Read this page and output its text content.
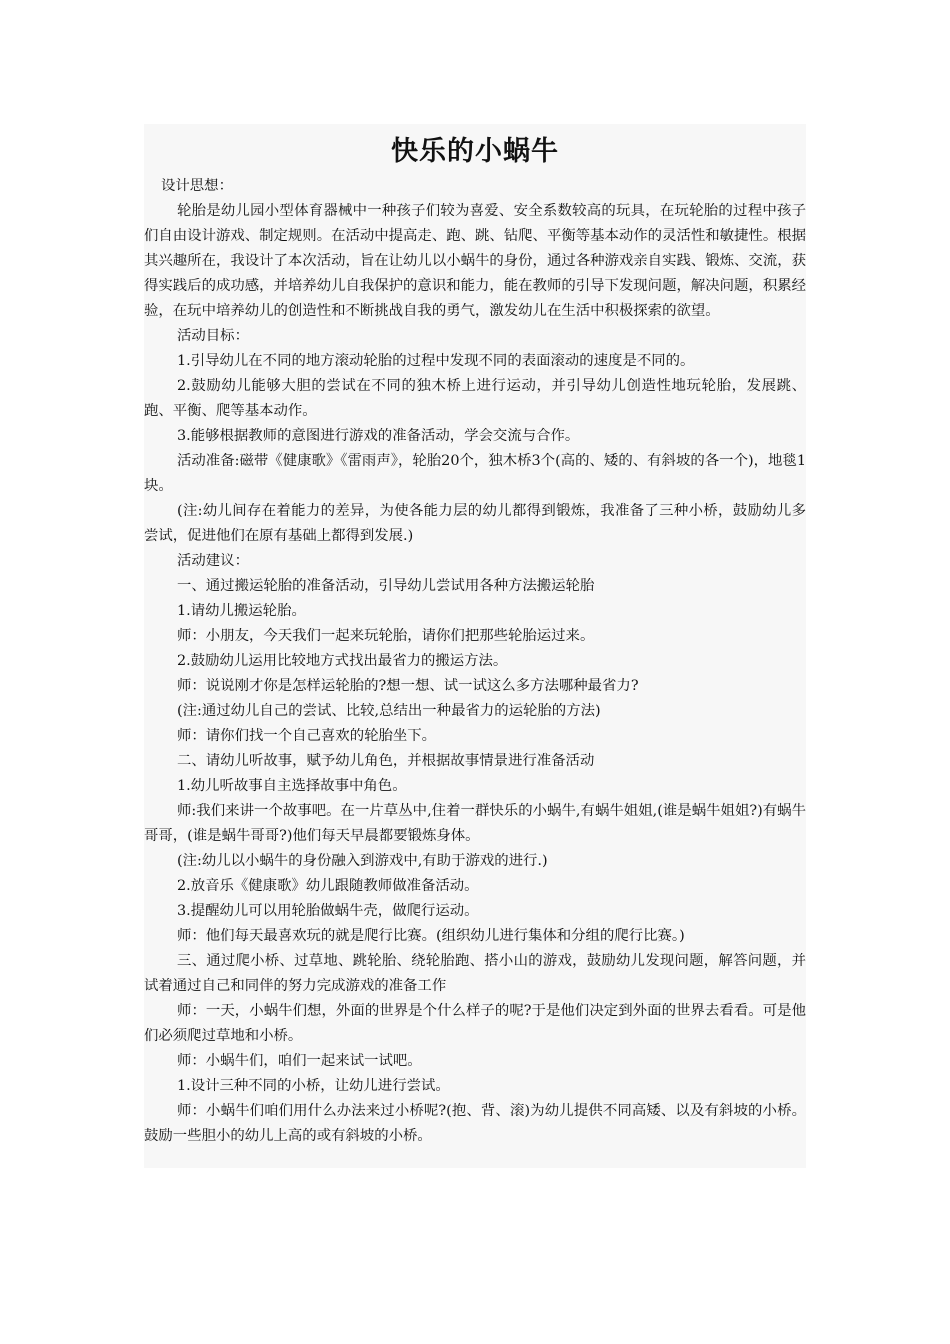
快乐的小蜗牛

设计思想：

轮胎是幼儿园小型体育器械中一种孩子们较为喜爱、安全系数较高的玩具，在玩轮胎的过程中孩子们自由设计游戏、制定规则。在活动中提高走、跑、跳、钻爬、平衡等基本动作的灵活性和敏捷性。根据其兴趣所在，我设计了本次活动，旨在让幼儿以小蜗牛的身份，通过各种游戏亲自实践、锻炼、交流，获得实践后的成功感，并培养幼儿自我保护的意识和能力，能在教师的引导下发现问题，解决问题，积累经验，在玩中培养幼儿的创造性和不断挑战自我的勇气，激发幼儿在生活中积极探索的欲望。

活动目标：

1.引导幼儿在不同的地方滚动轮胎的过程中发现不同的表面滚动的速度是不同的。

2.鼓励幼儿能够大胆的尝试在不同的独木桥上进行运动，并引导幼儿创造性地玩轮胎，发展跳、跑、平衡、爬等基本动作。

3.能够根据教师的意图进行游戏的准备活动，学会交流与合作。

活动准备:磁带《健康歌》《雷雨声》，轮胎20个，独木桥3个(高的、矮的、有斜坡的各一个)，地毯1块。

(注:幼儿间存在着能力的差异，为使各能力层的幼儿都得到锻炼，我准备了三种小桥，鼓励幼儿多尝试，促进他们在原有基础上都得到发展.)

活动建议：

一、通过搬运轮胎的准备活动，引导幼儿尝试用各种方法搬运轮胎

1.请幼儿搬运轮胎。

师：小朋友，今天我们一起来玩轮胎，请你们把那些轮胎运过来。

2.鼓励幼儿运用比较地方式找出最省力的搬运方法。

师：说说刚才你是怎样运轮胎的?想一想、试一试这么多方法哪种最省力?

(注:通过幼儿自己的尝试、比较,总结出一种最省力的运轮胎的方法)

师：请你们找一个自己喜欢的轮胎坐下。

二、请幼儿听故事，赋予幼儿角色，并根据故事情景进行准备活动

1.幼儿听故事自主选择故事中角色。

师:我们来讲一个故事吧。在一片草丛中,住着一群快乐的小蜗牛,有蜗牛姐姐,(谁是蜗牛姐姐?)有蜗牛哥哥，(谁是蜗牛哥哥?)他们每天早晨都要锻炼身体。

(注:幼儿以小蜗牛的身份融入到游戏中,有助于游戏的进行.)

2.放音乐《健康歌》幼儿跟随教师做准备活动。

3.提醒幼儿可以用轮胎做蜗牛壳，做爬行运动。

师：他们每天最喜欢玩的就是爬行比赛。(组织幼儿进行集体和分组的爬行比赛。)

三、通过爬小桥、过草地、跳轮胎、绕轮胎跑、搭小山的游戏，鼓励幼儿发现问题，解答问题，并试着通过自己和同伴的努力完成游戏的准备工作

师：一天，小蜗牛们想，外面的世界是个什么样子的呢?于是他们决定到外面的世界去看看。可是他们必须爬过草地和小桥。

师：小蜗牛们，咱们一起来试一试吧。

1.设计三种不同的小桥，让幼儿进行尝试。

师：小蜗牛们咱们用什么办法来过小桥呢?(抱、背、滚)为幼儿提供不同高矮、以及有斜坡的小桥。鼓励一些胆小的幼儿上高的或有斜坡的小桥。
